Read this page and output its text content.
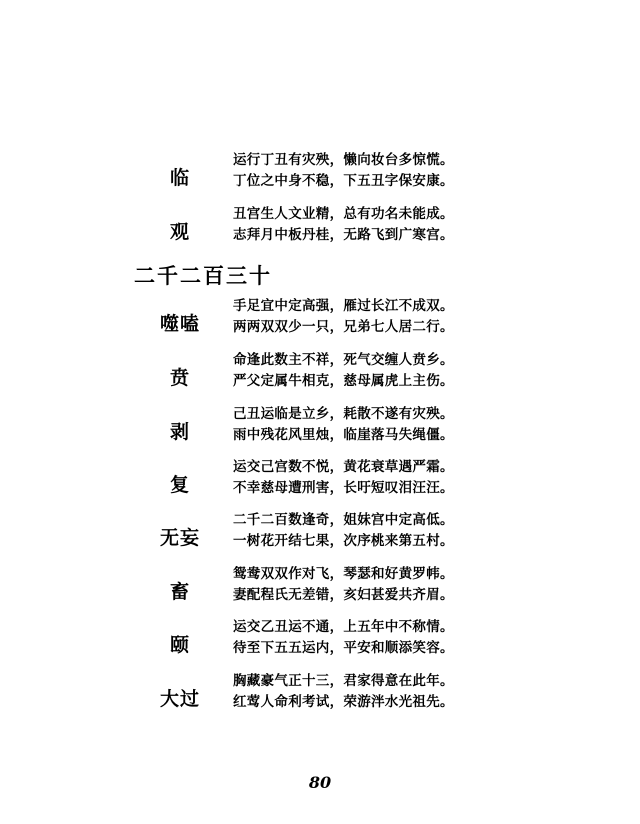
临
运行丁丑有灾殃，懒向妆台多惊慌。
丁位之中身不稳，下五丑字保安康。
观
丑宫生人文业精，总有功名未能成。
志拜月中板丹桂，无路飞到广寒宫。
二千二百三十
噬嗑
手足宜中定高强，雁过长江不成双。
两两双双少一只，兄弟七人居二行。
贲
命逢此数主不祥，死气交缠人贲乡。
严父定属牛相克，慈母属虎上主伤。
剥
己丑运临是立乡，耗散不遂有灾殃。
雨中残花风里烛，临崖落马失绳僵。
复
运交己宫数不悦，黄花衰草遇严霜。
不幸慈母遭刑害，长吁短叹泪汪汪。
无妄
二千二百数逢奇，姐妹宫中定高低。
一树花开结七果，次序桃来第五村。
畜
鸳鸯双双作对飞，琴瑟和好黄罗帏。
妻配程氏无差错，亥妇甚爱共齐眉。
颐
运交乙丑运不通，上五年中不称情。
待至下五五运内，平安和顺添笑容。
大过
胸藏豪气正十三，君家得意在此年。
红莺人命利考试，荣游泮水光祖先。
80
